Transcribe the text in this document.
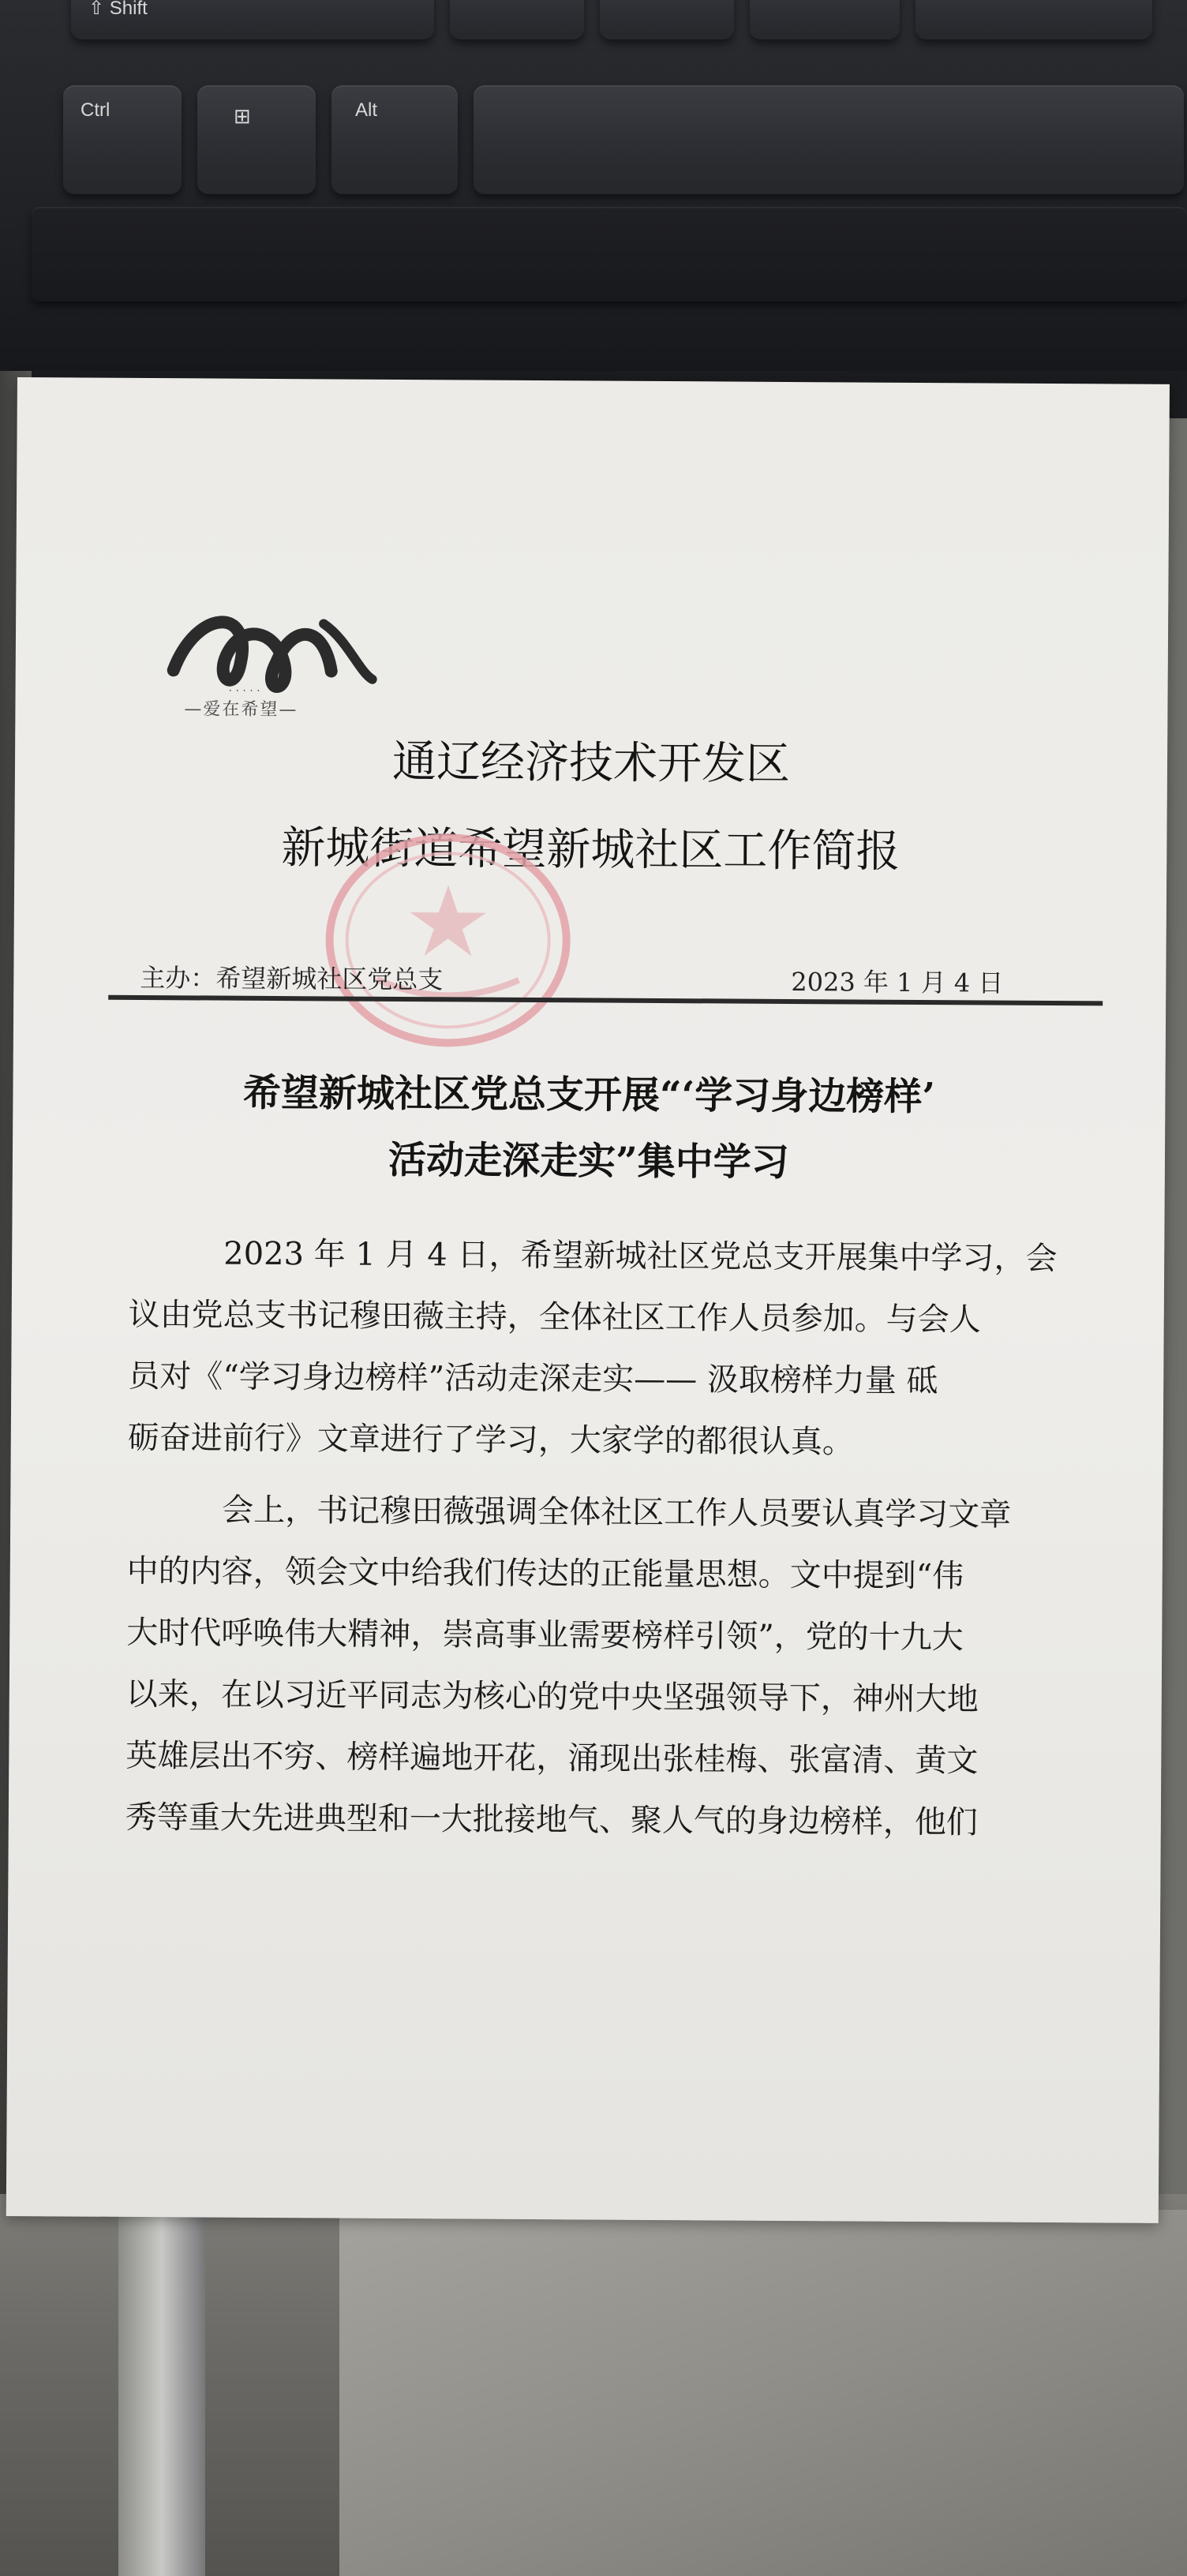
⇧ Shift
Ctrl	⊞	Alt
· · · · ·
—爱在希望—
通辽经济技术开发区
新城街道希望新城社区工作简报
主办：希望新城社区党总支	2023 年 1 月 4 日
希望新城社区党总支开展“‘学习身边榜样’
活动走深走实”集中学习
2023 年 1 月 4 日，希望新城社区党总支开展集中学习，会
议由党总支书记穆田薇主持，全体社区工作人员参加。与会人
员对《“学习身边榜样”活动走深走实—— 汲取榜样力量 砥
砺奋进前行》文章进行了学习，大家学的都很认真。
会上，书记穆田薇强调全体社区工作人员要认真学习文章
中的内容，领会文中给我们传达的正能量思想。文中提到“伟
大时代呼唤伟大精神，崇高事业需要榜样引领”，党的十九大
以来，在以习近平同志为核心的党中央坚强领导下，神州大地
英雄层出不穷、榜样遍地开花，涌现出张桂梅、张富清、黄文
秀等重大先进典型和一大批接地气、聚人气的身边榜样，他们
